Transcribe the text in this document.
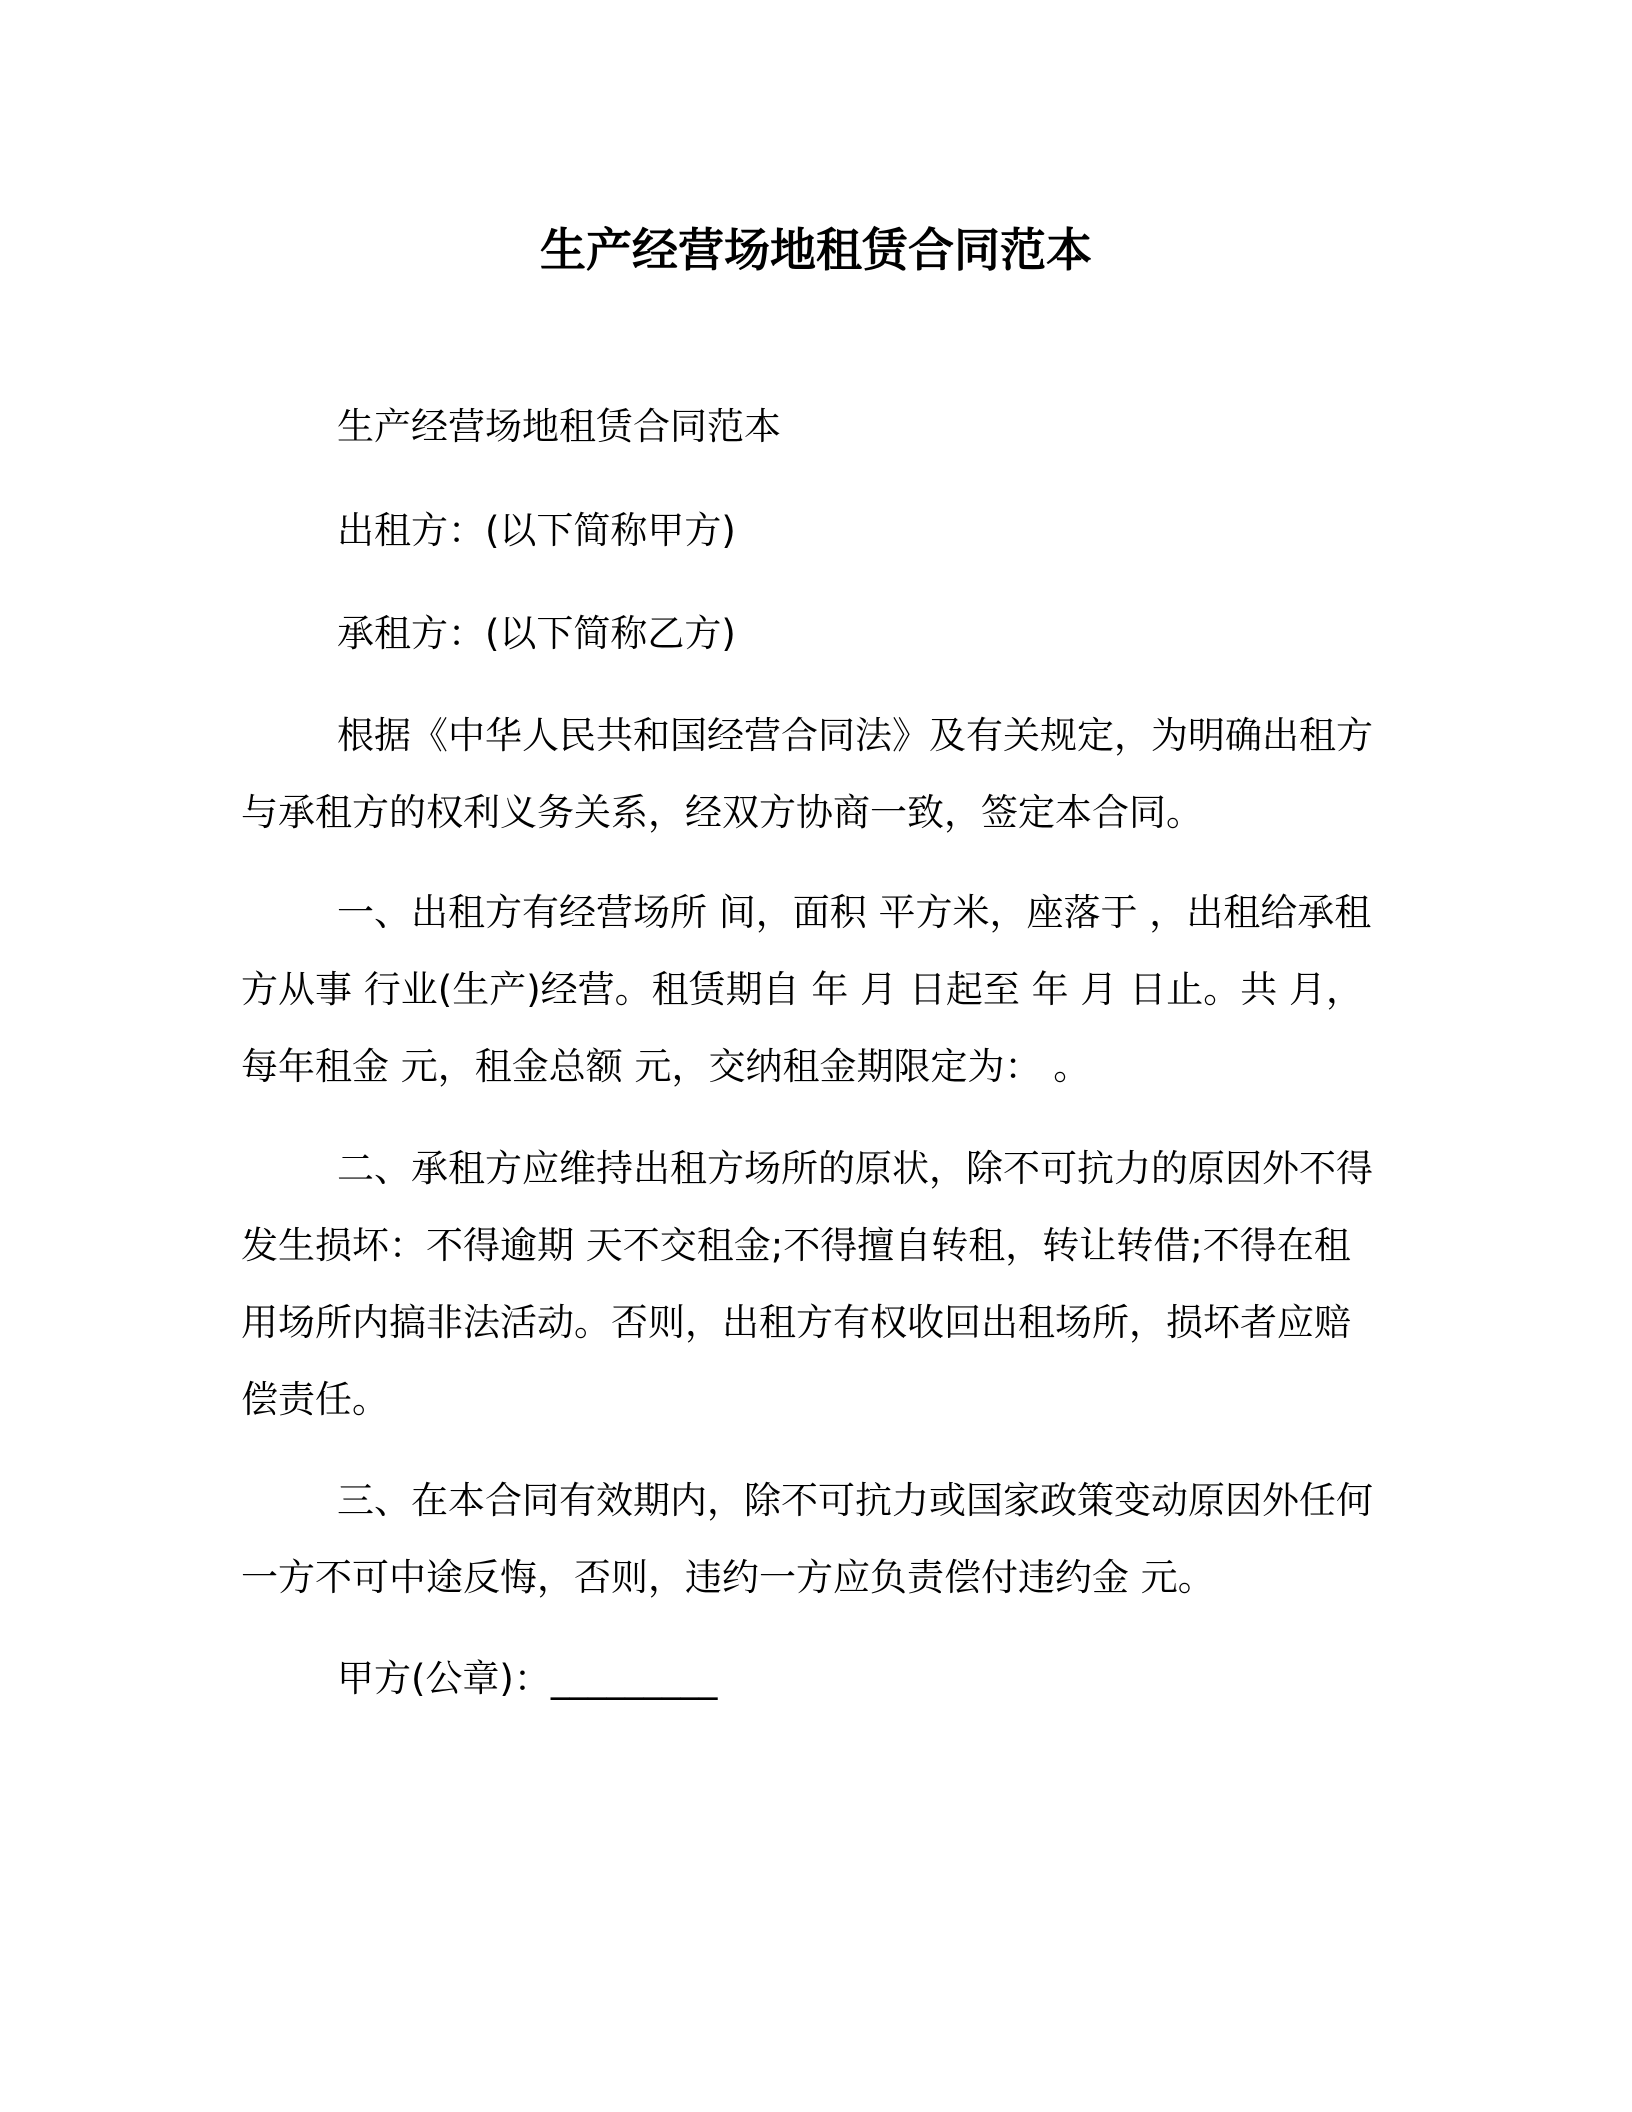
生产经营场地租赁合同范本

生产经营场地租赁合同范本

出租方：(以下简称甲方)

承租方：(以下简称乙方)

根据《中华人民共和国经营合同法》及有关规定，为明确出租方与承租方的权利义务关系，经双方协商一致，签定本合同。

一、出租方有经营场所 间，面积 平方米，座落于 ，出租给承租方从事 行业(生产)经营。租赁期自 年 月 日起至 年 月 日止。共 月，每年租金 元，租金总额 元，交纳租金期限定为： 。

二、承租方应维持出租方场所的原状，除不可抗力的原因外不得发生损坏：不得逾期 天不交租金;不得擅自转租，转让转借;不得在租用场所内搞非法活动。否则，出租方有权收回出租场所，损坏者应赔偿责任。

三、在本合同有效期内，除不可抗力或国家政策变动原因外任何一方不可中途反悔，否则，违约一方应负责偿付违约金 元。

甲方(公章)：_________
